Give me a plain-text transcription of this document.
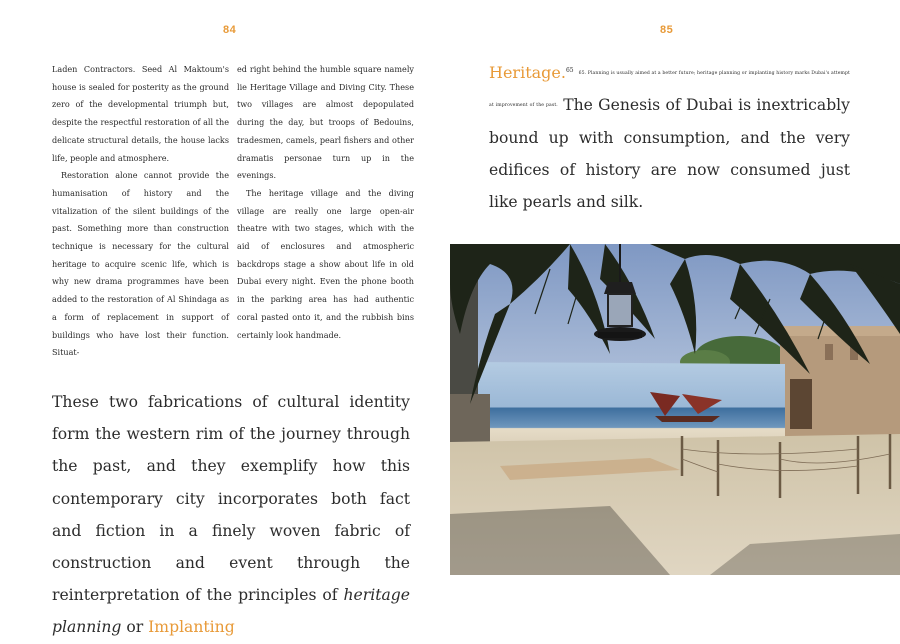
84	85

Laden Contractors. Seed Al Maktoum's house is sealed for posterity as the ground zero of the developmental triumph but, despite the respectful restoration of all the delicate structural details, the house lacks life, people and atmosphere.

Restoration alone cannot provide the humanisation of history and the vitalization of the silent buildings of the past. Something more than construction technique is necessary for the cultural heritage to acquire scenic life, which is why new drama programmes have been added to the restoration of Al Shindaga as a form of replacement in support of buildings who have lost their function. Situat-

ed right behind the humble square namely lie Heritage Village and Diving City. These two villages are almost depopulated during the day, but troops of Bedouins, tradesmen, camels, pearl fishers and other dramatis personae turn up in the evenings.

The heritage village and the diving village are really one large open-air theatre with two stages, which with the aid of enclosures and atmospheric backdrops stage a show about life in old Dubai every night. Even the phone booth in the parking area has had authentic coral pasted onto it, and the rubbish bins certainly look handmade.

These two fabrications of cultural identity form the western rim of the journey through the past, and they exemplify how this contemporary city incorporates both fact and fiction in a finely woven fabric of construction and event through the reinterpretation of the principles of heritage planning or Implanting

Heritage.$^{65}$ 65. Planning is usually aimed at a better future; heritage planning or implanting history marks Dubai's attempt at improvement of the past. The Genesis of Dubai is inextricably bound up with consumption, and the very edifices of history are now consumed just like pearls and silk.
